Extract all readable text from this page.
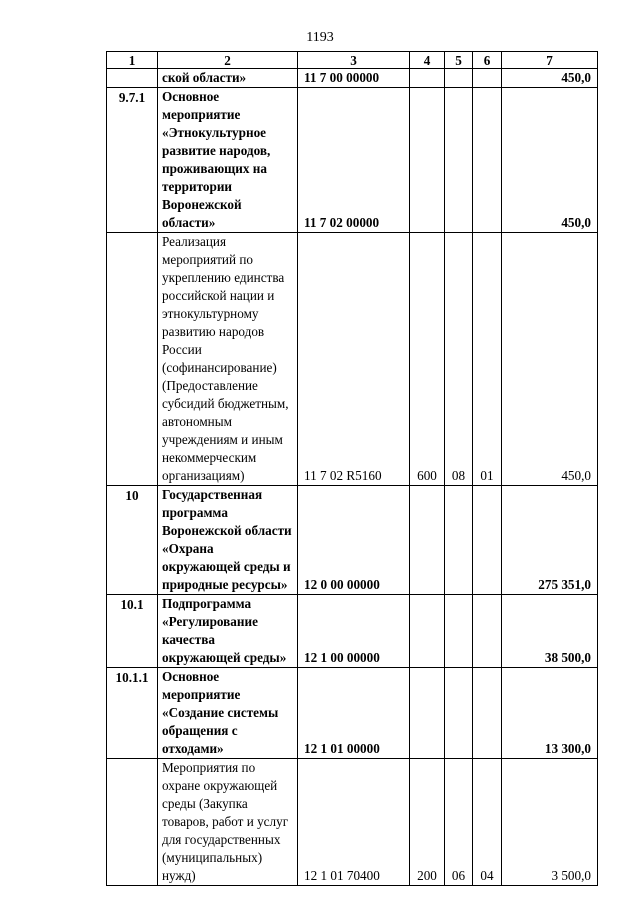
1193
1	2	3	4	5	6	7
	ской области»	11 7 00 00000				450,0
9.7.1	Основное мероприятие «Этнокультурное развитие народов, проживающих на территории Воронежской области»	11 7 02 00000				450,0
	Реализация мероприятий по укреплению единства российской нации и этнокультурному развитию народов России (софинансирование) (Предоставление субсидий бюджетным, автономным учреждениям и иным некоммерческим организациям)	11 7 02 R5160	600	08	01	450,0
10	Государственная программа Воронежской области «Охрана окружающей среды и природные ресурсы»	12 0 00 00000				275 351,0
10.1	Подпрограмма «Регулирование качества окружающей среды»	12 1 00 00000				38 500,0
10.1.1	Основное мероприятие «Создание системы обращения с отходами»	12 1 01 00000				13 300,0
	Мероприятия по охране окружающей среды (Закупка товаров, работ и услуг для государственных (муниципальных) нужд)	12 1 01 70400	200	06	04	3 500,0
